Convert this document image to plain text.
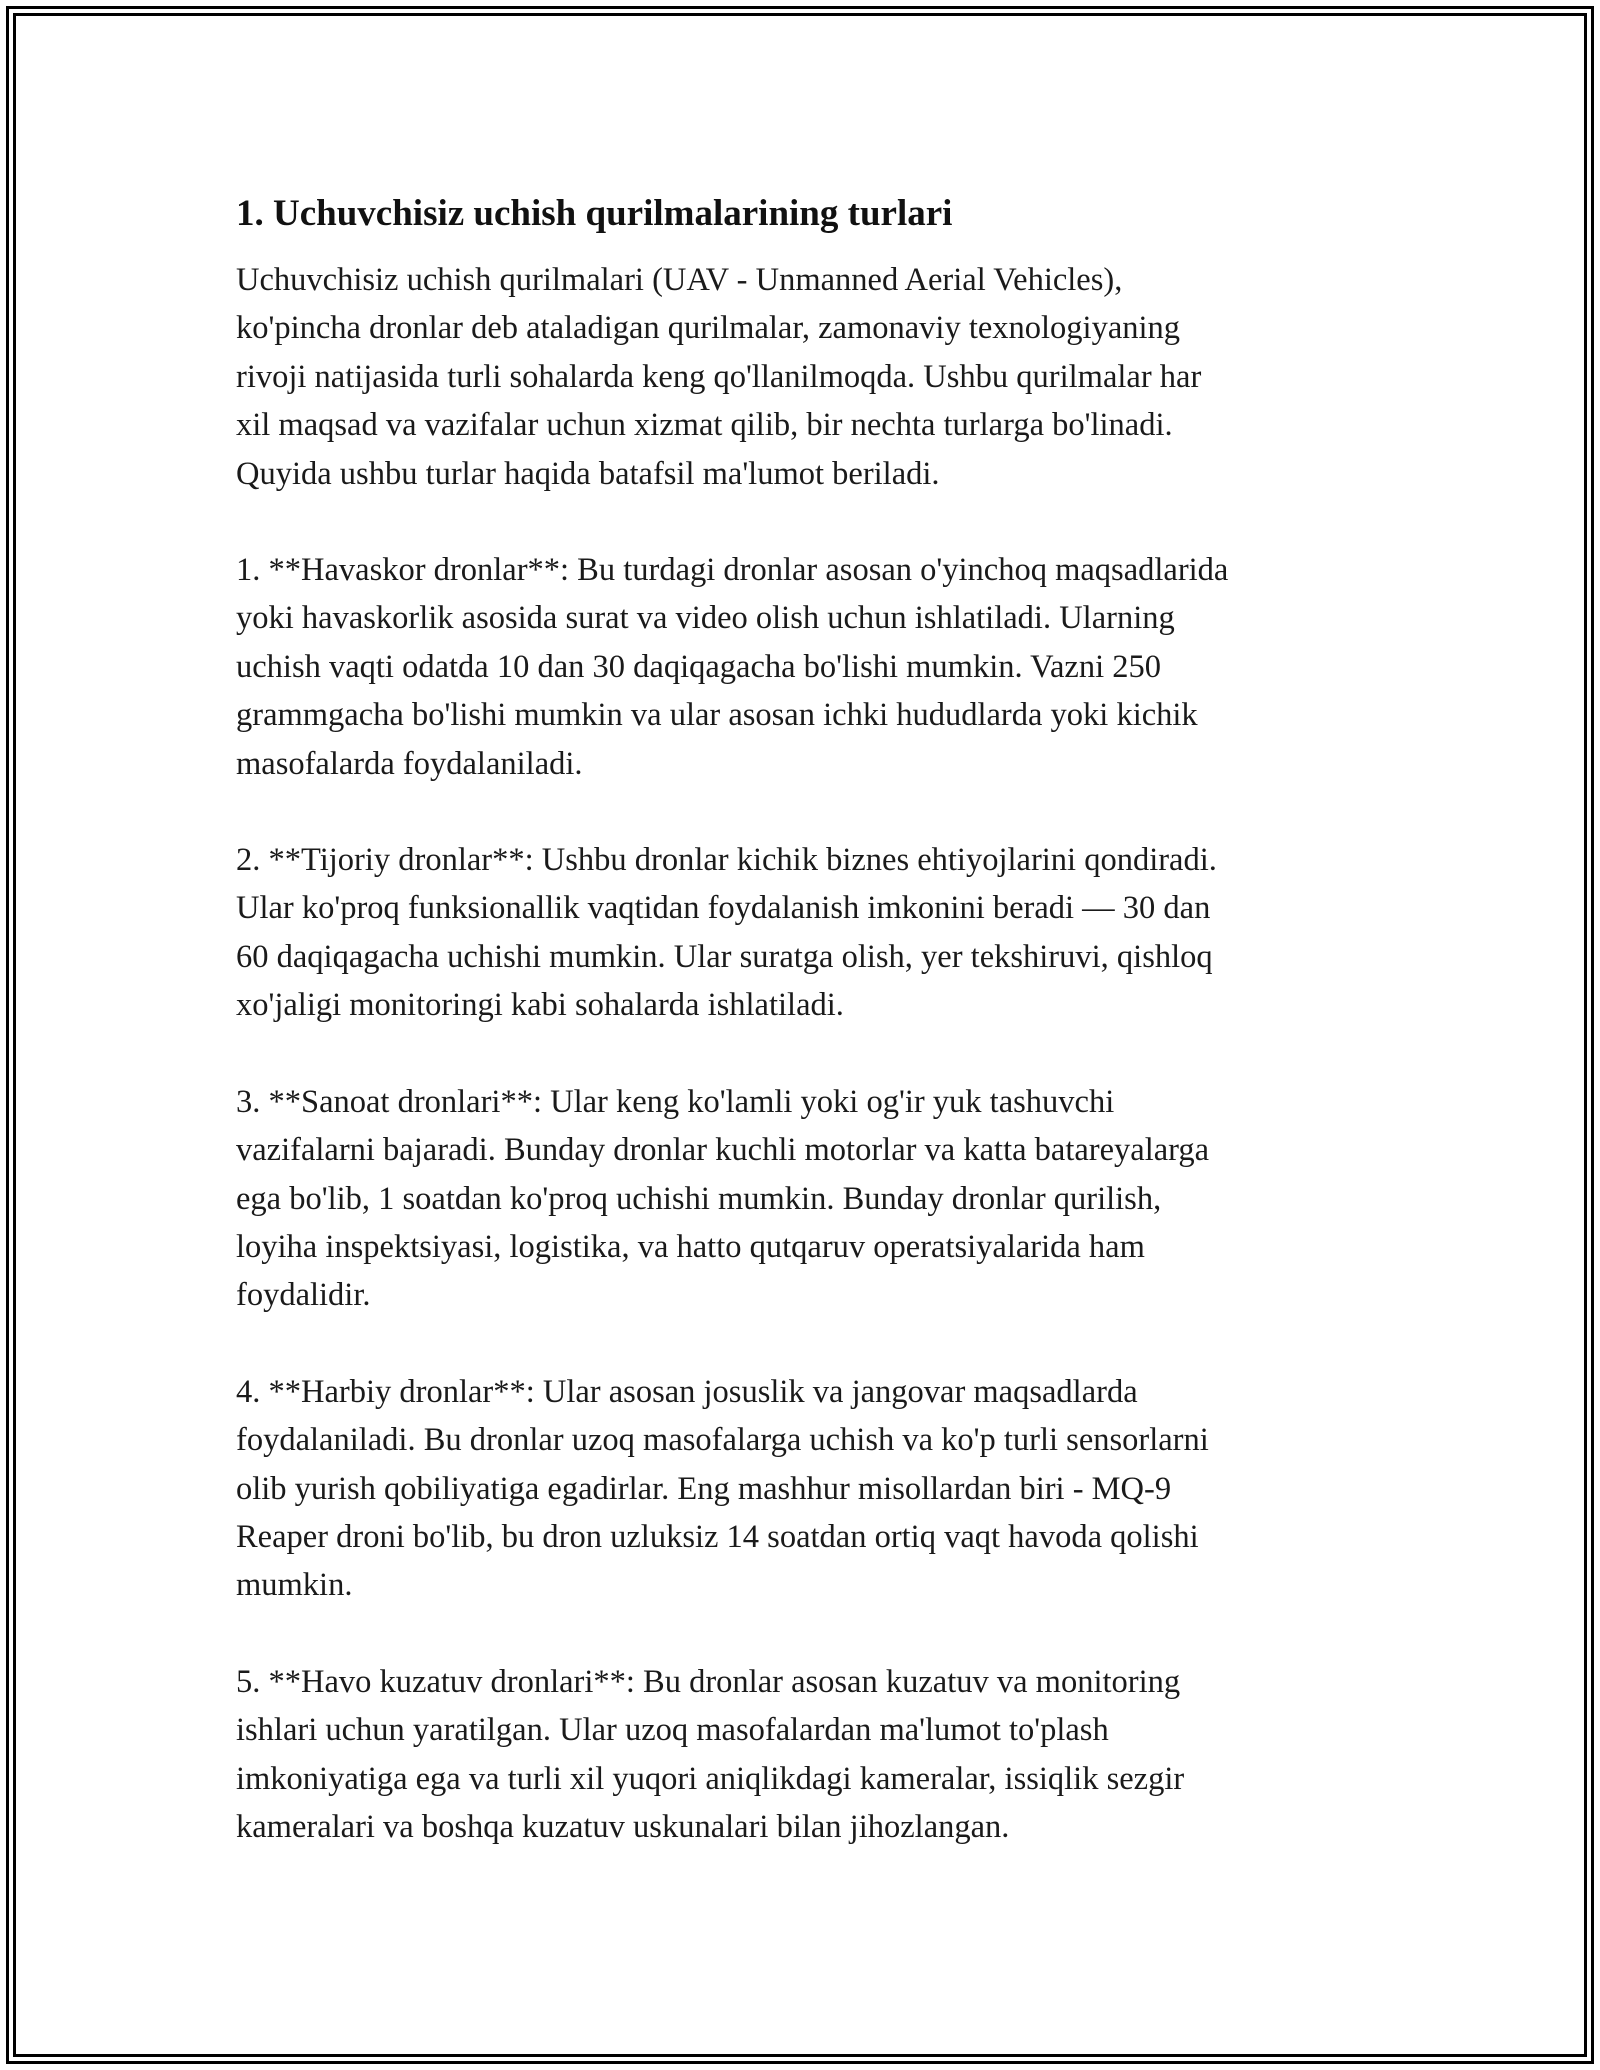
1. Uchuvchisiz uchish qurilmalarining turlari

Uchuvchisiz uchish qurilmalari (UAV - Unmanned Aerial Vehicles),
ko'pincha dronlar deb ataladigan qurilmalar, zamonaviy texnologiyaning
rivoji natijasida turli sohalarda keng qo'llanilmoqda. Ushbu qurilmalar har
xil maqsad va vazifalar uchun xizmat qilib, bir nechta turlarga bo'linadi.
Quyida ushbu turlar haqida batafsil ma'lumot beriladi.

1. **Havaskor dronlar**: Bu turdagi dronlar asosan o'yinchoq maqsadlarida
yoki havaskorlik asosida surat va video olish uchun ishlatiladi. Ularning
uchish vaqti odatda 10 dan 30 daqiqagacha bo'lishi mumkin. Vazni 250
grammgacha bo'lishi mumkin va ular asosan ichki hududlarda yoki kichik
masofalarda foydalaniladi.

2. **Tijoriy dronlar**: Ushbu dronlar kichik biznes ehtiyojlarini qondiradi.
Ular ko'proq funksionallik vaqtidan foydalanish imkonini beradi — 30 dan
60 daqiqagacha uchishi mumkin. Ular suratga olish, yer tekshiruvi, qishloq
xo'jaligi monitoringi kabi sohalarda ishlatiladi.

3. **Sanoat dronlari**: Ular keng ko'lamli yoki og'ir yuk tashuvchi
vazifalarni bajaradi. Bunday dronlar kuchli motorlar va katta batareyalarga
ega bo'lib, 1 soatdan ko'proq uchishi mumkin. Bunday dronlar qurilish,
loyiha inspektsiyasi, logistika, va hatto qutqaruv operatsiyalarida ham
foydalidir.

4. **Harbiy dronlar**: Ular asosan josuslik va jangovar maqsadlarda
foydalaniladi. Bu dronlar uzoq masofalarga uchish va ko'p turli sensorlarni
olib yurish qobiliyatiga egadirlar. Eng mashhur misollardan biri - MQ-9
Reaper droni bo'lib, bu dron uzluksiz 14 soatdan ortiq vaqt havoda qolishi
mumkin.

5. **Havo kuzatuv dronlari**: Bu dronlar asosan kuzatuv va monitoring
ishlari uchun yaratilgan. Ular uzoq masofalardan ma'lumot to'plash
imkoniyatiga ega va turli xil yuqori aniqlikdagi kameralar, issiqlik sezgir
kameralari va boshqa kuzatuv uskunalari bilan jihozlangan.
